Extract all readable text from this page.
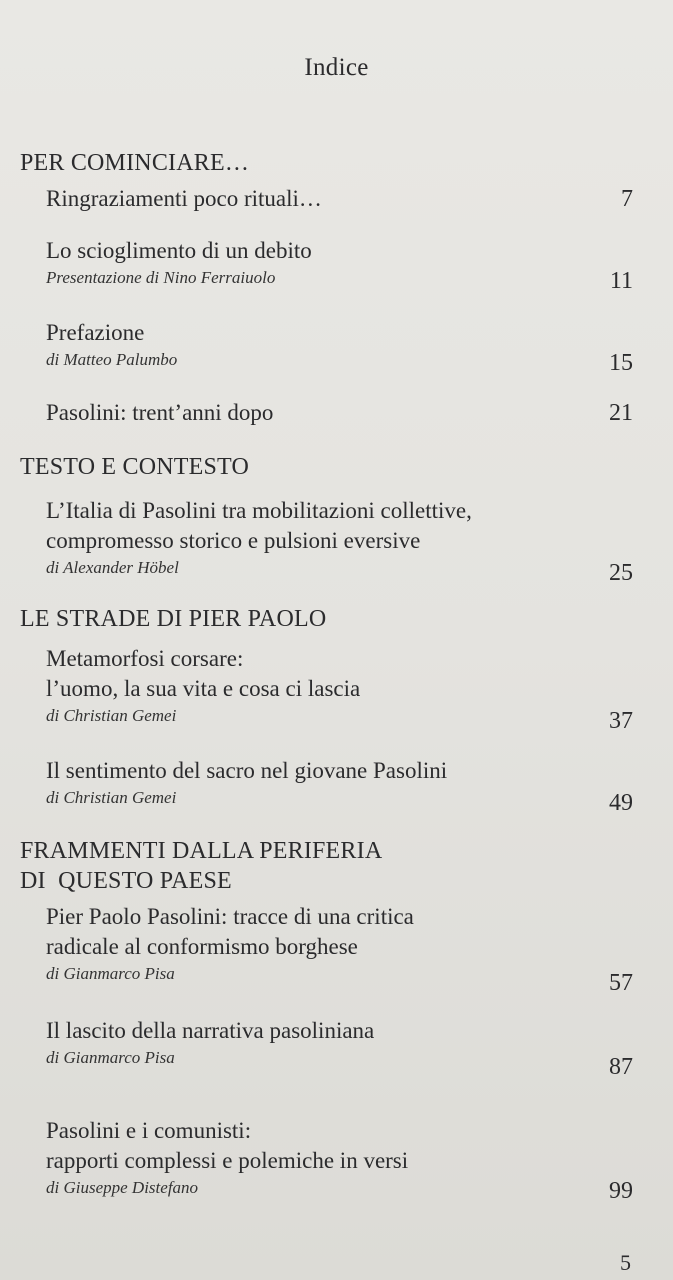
Indice
PER COMINCIARE…
Ringraziamenti poco rituali…	7
Lo scioglimento di un debito
Presentazione di Nino Ferraiuolo	11
Prefazione
di Matteo Palumbo	15
Pasolini: trent’anni dopo	21
TESTO E CONTESTO
L’Italia di Pasolini tra mobilitazioni collettive,
compromesso storico e pulsioni eversive
di Alexander Höbel	25
LE STRADE DI PIER PAOLO
Metamorfosi corsare:
l’uomo, la sua vita e cosa ci lascia
di Christian Gemei	37
Il sentimento del sacro nel giovane Pasolini
di Christian Gemei	49
FRAMMENTI DALLA PERIFERIA
DI  QUESTO PAESE
Pier Paolo Pasolini: tracce di una critica
radicale al conformismo borghese
di Gianmarco Pisa	57
Il lascito della narrativa pasoliniana
di Gianmarco Pisa	87
Pasolini e i comunisti:
rapporti complessi e polemiche in versi
di Giuseppe Distefano	99
5
